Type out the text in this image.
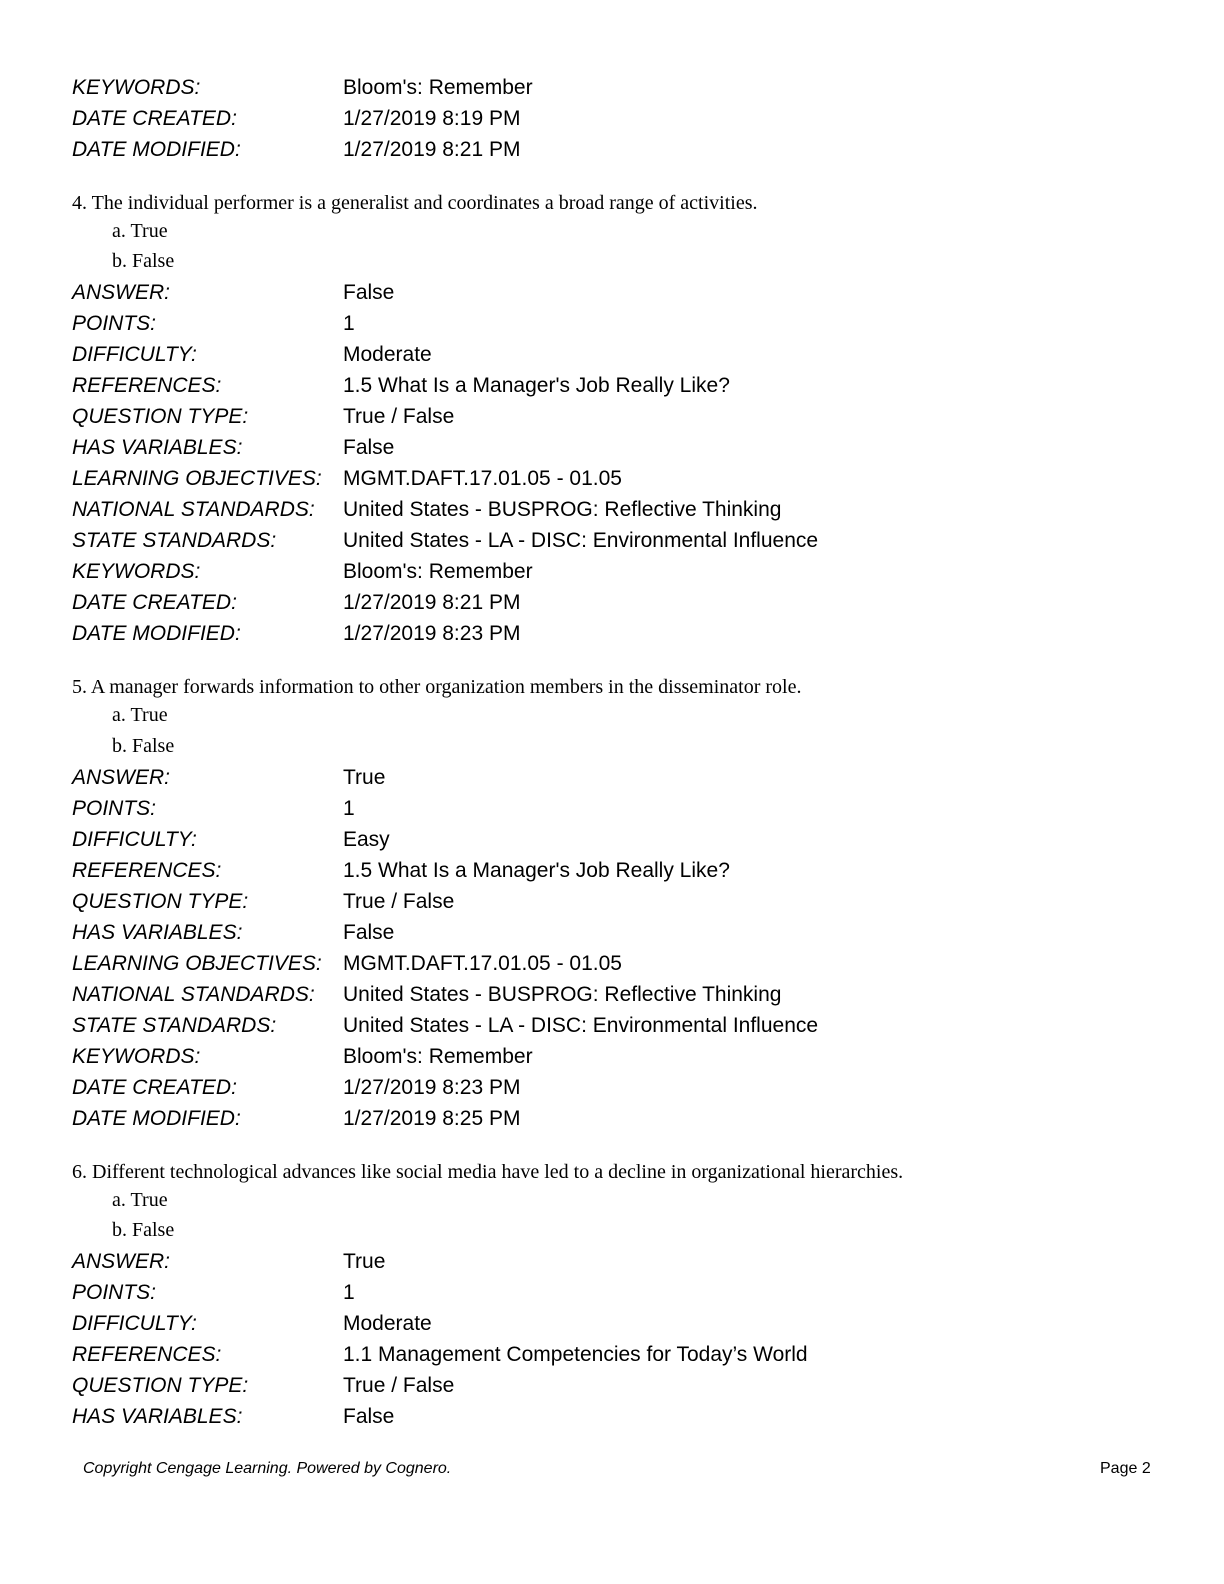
KEYWORDS:	Bloom's: Remember
DATE CREATED:	1/27/2019 8:19 PM
DATE MODIFIED:	1/27/2019 8:21 PM
4. The individual performer is a generalist and coordinates a broad range of activities.
a. True
b. False
ANSWER:	False
POINTS:	1
DIFFICULTY:	Moderate
REFERENCES:	1.5 What Is a Manager's Job Really Like?
QUESTION TYPE:	True / False
HAS VARIABLES:	False
LEARNING OBJECTIVES: MGMT.DAFT.17.01.05 - 01.05
NATIONAL STANDARDS: United States - BUSPROG: Reflective Thinking
STATE STANDARDS:	United States - LA - DISC: Environmental Influence
KEYWORDS:	Bloom's: Remember
DATE CREATED:	1/27/2019 8:21 PM
DATE MODIFIED:	1/27/2019 8:23 PM
5. A manager forwards information to other organization members in the disseminator role.
a. True
b. False
ANSWER:	True
POINTS:	1
DIFFICULTY:	Easy
REFERENCES:	1.5 What Is a Manager's Job Really Like?
QUESTION TYPE:	True / False
HAS VARIABLES:	False
LEARNING OBJECTIVES: MGMT.DAFT.17.01.05 - 01.05
NATIONAL STANDARDS: United States - BUSPROG: Reflective Thinking
STATE STANDARDS:	United States - LA - DISC: Environmental Influence
KEYWORDS:	Bloom's: Remember
DATE CREATED:	1/27/2019 8:23 PM
DATE MODIFIED:	1/27/2019 8:25 PM
6. Different technological advances like social media have led to a decline in organizational hierarchies.
a. True
b. False
ANSWER:	True
POINTS:	1
DIFFICULTY:	Moderate
REFERENCES:	1.1 Management Competencies for Today’s World
QUESTION TYPE:	True / False
HAS VARIABLES:	False
Copyright Cengage Learning. Powered by Cognero.	Page 2
